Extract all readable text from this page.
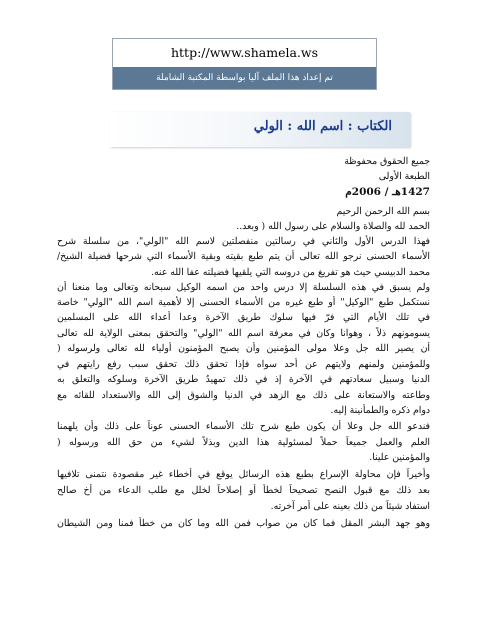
http://www.shamela.ws
تم إعداد هذا الملف آليا بواسطة المكتبة الشاملة
الكتاب : اسم الله : الولي
جميع الحقوق محفوظة
الطبعة الأولى
1427هـ / 2006م
بسم الله الرحمن الرحيم
الحمد لله والصلاة والسلام على رسول الله ( وبعد..
فهذا الدرس الأول والثاني في رسالتين منفصلتين لاسم الله "الولي"، من سلسلة شرح
الأسماء الحسنى نرجو الله تعالى أن يتم طبع بقيته وبقية الأسماء التي شرحها فضيلة الشيخ/
محمد الدبيسي حيث هو تفريغ من دروسه التي يلقيها فضيلته عفا الله عنه.
ولم يسبق في هذه السلسلة إلا درس واحد من اسمه الوكيل سبحانه وتعالى وما منعنا أن
نستكمل طبع "الوكيل" أو طبع غيره من الأسماء الحسنى إلا لأهمية اسم الله "الولي" خاصة
في تلك الأيام التي فرّ فيها سلوك طريق الآخرة وعدا أعداء الله على المسلمين
يسومونهم ذلاً ، وهوانا وكان في معرفة اسم الله "الولي" والتحقق بمعنى الولاية لله تعالى
أن يصير الله جل وعلا مولى المؤمنين وأن يصبح المؤمنون أولياء لله تعالى ولرسوله (
وللمؤمنين ولمنهم ولايتهم عن أحد سواه فإذا تحقق ذلك تحقق سبب رفع رايتهم في
الدنيا وسبيل سعادتهم في الآخرة إذ في ذلك تمهيدٌ طريق الآخرة وسلوكه والتعلق به
وطاعته والاستعانة على ذلك مع الزهد في الدنيا والشوق إلى الله والاستعداد للقائه مع
دوام ذكره والطمأنينة إليه.
فندعو الله جل وعلا أن يكون طبع شرح تلك الأسماء الحسنى عوناً على ذلك وأن يلهمنا
العلم والعمل جميعاً حملاً لمسئولية هذا الدين وبذلاً لشيء من حق الله ورسوله (
والمؤمنين علينا.
وأخيراً فإن محاولة الإسراع بطبع هذه الرسائل يوقع في أخطاء غير مقصودة نتمنى تلافيها
بعد ذلك مع قبول النصح تصحيحاً لخطأ أو إصلاحاً لخلل مع طلب الدعاء من أخ صالح
استفاد شيئاً من ذلك بعينه على أمر آخرته.
وهو جهد البشر المقل فما كان من صواب فمن الله وما كان من خطأ فمنا ومن الشيطان
